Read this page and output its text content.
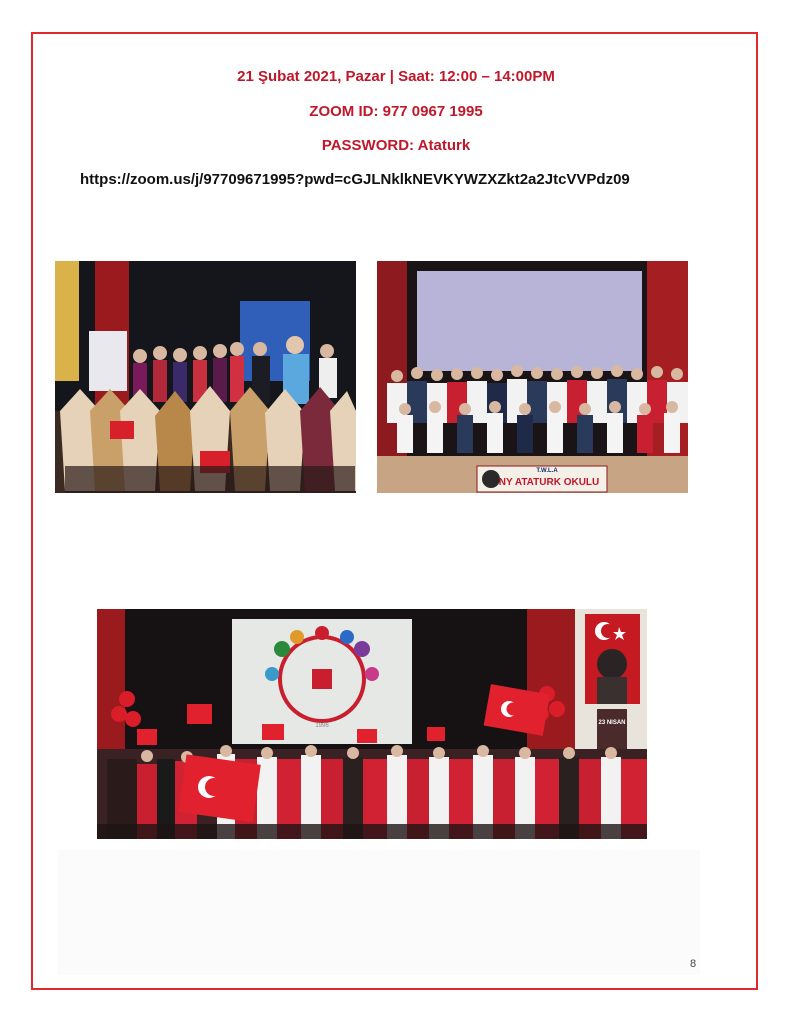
21 Şubat 2021, Pazar | Saat: 12:00 – 14:00PM
ZOOM ID: 977 0967 1995
PASSWORD: Ataturk
https://zoom.us/j/97709671995?pwd=cGJLNklkNEVKYWZXZkt2a2JtcVVPdz09
T.W.L.A
NY ATATURK OKULU
23 NISAN
1996
8
